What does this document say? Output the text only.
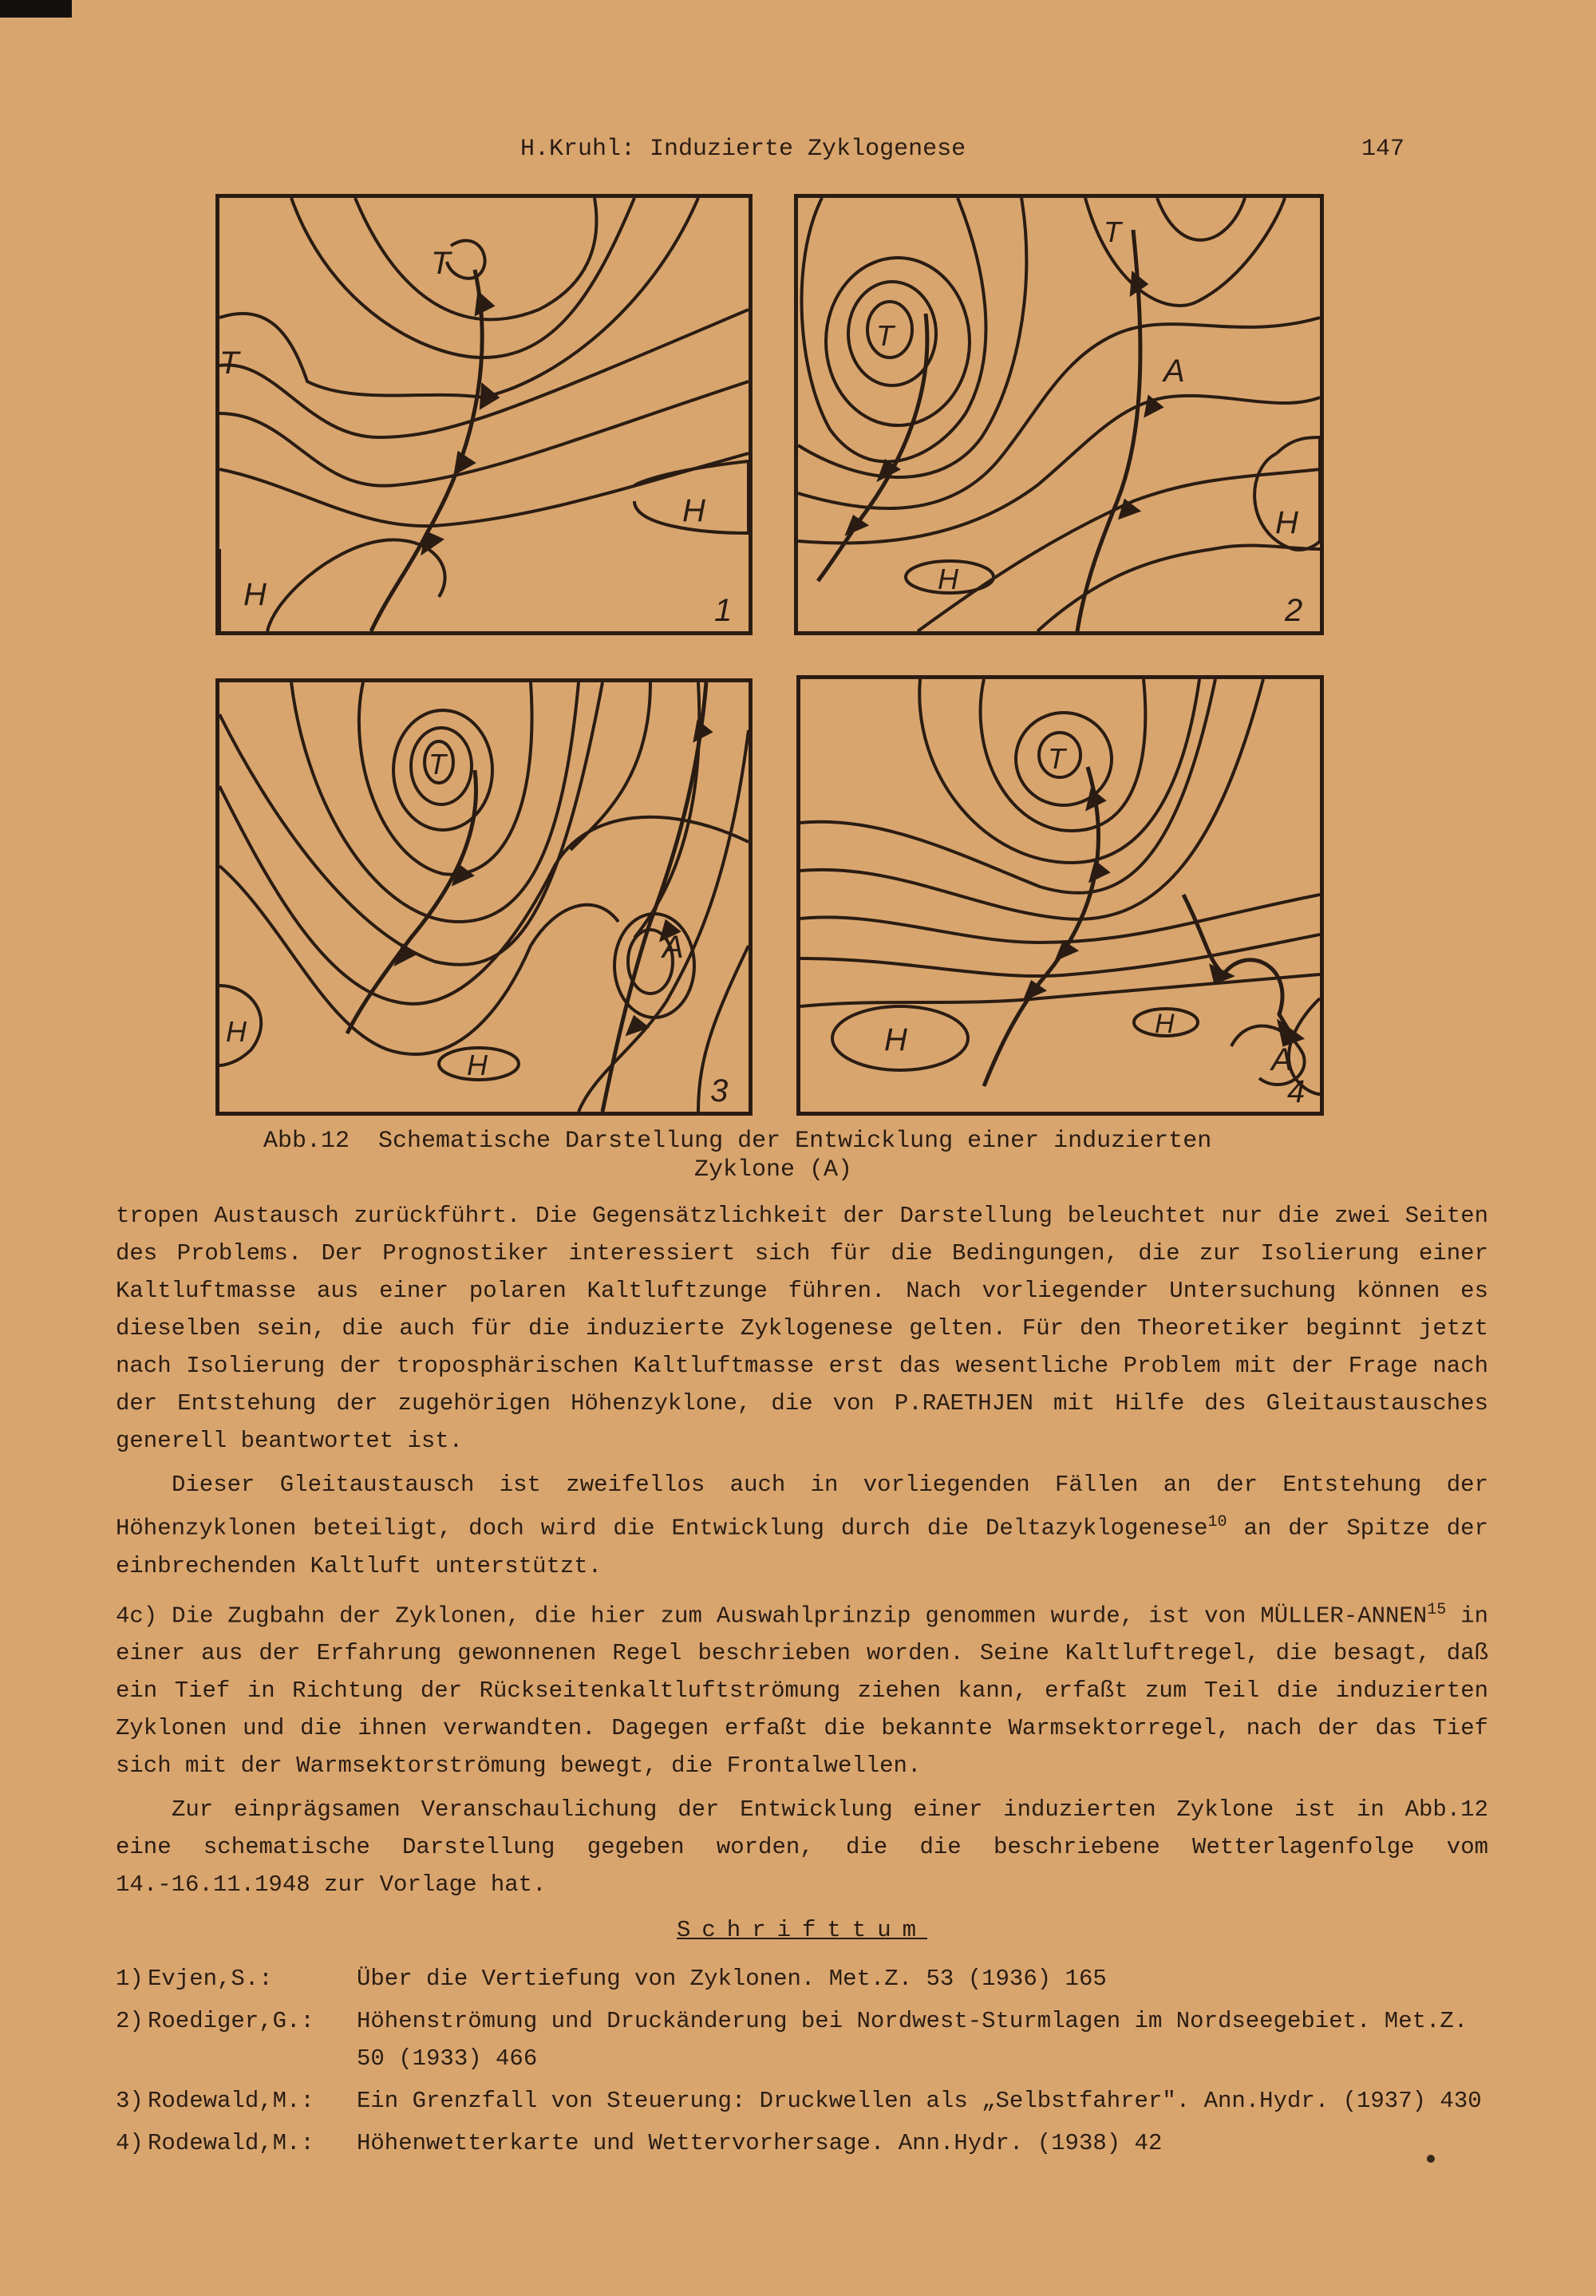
H.Kruhl: Induzierte Zyklogenese	147
T
T
H
H	1
T
T
A
H
H
2
T
A
H
H
3
T
A
H	H
4
Abb.12  Schematische Darstellung der Entwicklung einer induzierten
Zyklone (A)

tropen Austausch zurückführt. Die Gegensätzlichkeit der Darstellung beleuchtet nur die zwei Seiten des Problems. Der Prognostiker interessiert sich für die Bedingungen, die zur Isolierung einer Kaltluftmasse aus einer polaren Kaltluftzunge führen. Nach vorliegender Untersuchung können es dieselben sein, die auch für die induzierte Zyklogenese gelten. Für den Theoretiker beginnt jetzt nach Isolierung der troposphärischen Kaltluftmasse erst das wesentliche Problem mit der Frage nach der Entstehung der zugehörigen Höhenzyklone, die von P.RAETHJEN mit Hilfe des Gleitaustausches generell beantwortet ist.

Dieser Gleitaustausch ist zweifellos auch in vorliegenden Fällen an der Entstehung der Höhenzyklonen beteiligt, doch wird die Entwicklung durch die Deltazyklogenese$^{10}$ an der Spitze der einbrechenden Kaltluft unterstützt.

4c) Die Zugbahn der Zyklonen, die hier zum Auswahlprinzip genommen wurde, ist von MÜLLER-ANNEN$^{15}$ in einer aus der Erfahrung gewonnenen Regel beschrieben worden. Seine Kaltluftregel, die besagt, daß ein Tief in Richtung der Rückseitenkaltluftströmung ziehen kann, erfaßt zum Teil die induzierten Zyklonen und die ihnen verwandten. Dagegen erfaßt die bekannte Warmsektorregel, nach der das Tief sich mit der Warmsektorströmung bewegt, die Frontalwellen.

Zur einprägsamen Veranschaulichung der Entwicklung einer induzierten Zyklone ist in Abb.12 eine schematische Darstellung gegeben worden, die die beschriebene Wetterlagenfolge vom 14.-16.11.1948 zur Vorlage hat.

Schrifttum
1) Evjen,S.:	Über die Vertiefung von Zyklonen. Met.Z. 53 (1936) 165
2) Roediger,G.:	Höhenströmung und Druckänderung bei Nordwest-Sturmlagen im Nordseegebiet. Met.Z. 50 (1933) 466
3) Rodewald,M.:	Ein Grenzfall von Steuerung: Druckwellen als „Selbstfahrer". Ann.Hydr. (1937) 430
4) Rodewald,M.:	Höhenwetterkarte und Wettervorhersage. Ann.Hydr. (1938) 42
